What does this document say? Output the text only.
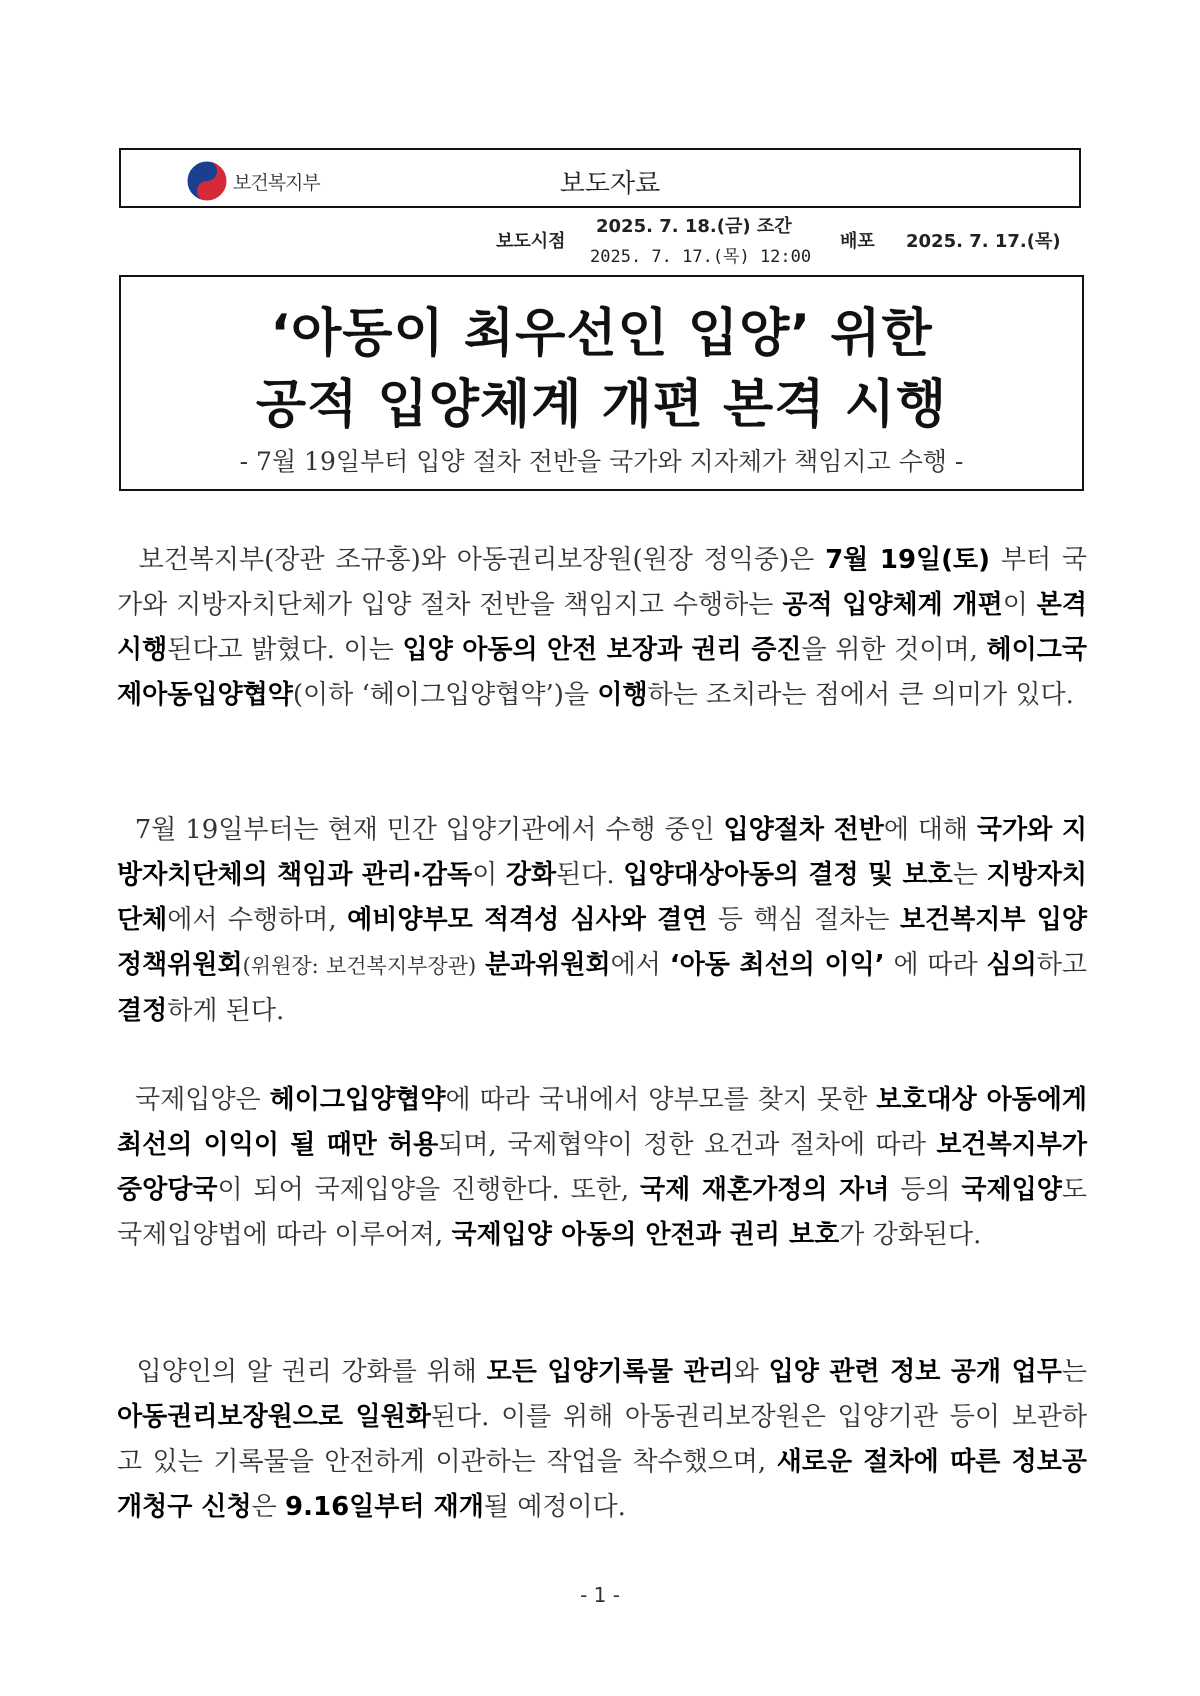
보건복지부	보도자료
보도시점
2025. 7. 18.(금) 조간
2025. 7. 17.(목) 12:00
배포 2025. 7. 17.(목)
‘아동이 최우선인 입양’ 위한
공적 입양체계 개편 본격 시행
- 7월 19일부터 입양 절차 전반을 국가와 지자체가 책임지고 수행 -
보건복지부(장관 조규홍)와 아동권리보장원(원장 정익중)은 7월 19일(토) 부터 국가와 지방자치단체가 입양 절차 전반을 책임지고 수행하는 공적 입양체계 개편이 본격 시행된다고 밝혔다. 이는 입양 아동의 안전 보장과 권리 증진을 위한 것이며, 헤이그국제아동입양협약(이하 ‘헤이그입양협약’)을 이행하는 조치라는 점에서 큰 의미가 있다.
7월 19일부터는 현재 민간 입양기관에서 수행 중인 입양절차 전반에 대해 국가와 지방자치단체의 책임과 관리·감독이 강화된다. 입양대상아동의 결정 및 보호는 지방자치단체에서 수행하며, 예비양부모 적격성 심사와 결연 등 핵심 절차는 보건복지부 입양정책위원회(위원장: 보건복지부장관) 분과위원회에서 ‘아동 최선의 이익’ 에 따라 심의하고 결정하게 된다.
국제입양은 헤이그입양협약에 따라 국내에서 양부모를 찾지 못한 보호대상 아동에게 최선의 이익이 될 때만 허용되며, 국제협약이 정한 요건과 절차에 따라 보건복지부가 중앙당국이 되어 국제입양을 진행한다. 또한, 국제 재혼가정의 자녀 등의 국제입양도 국제입양법에 따라 이루어져, 국제입양 아동의 안전과 권리 보호가 강화된다.
입양인의 알 권리 강화를 위해 모든 입양기록물 관리와 입양 관련 정보 공개 업무는 아동권리보장원으로 일원화된다. 이를 위해 아동권리보장원은 입양기관 등이 보관하고 있는 기록물을 안전하게 이관하는 작업을 착수했으며, 새로운 절차에 따른 정보공개청구 신청은 9.16일부터 재개될 예정이다.
- 1 -
